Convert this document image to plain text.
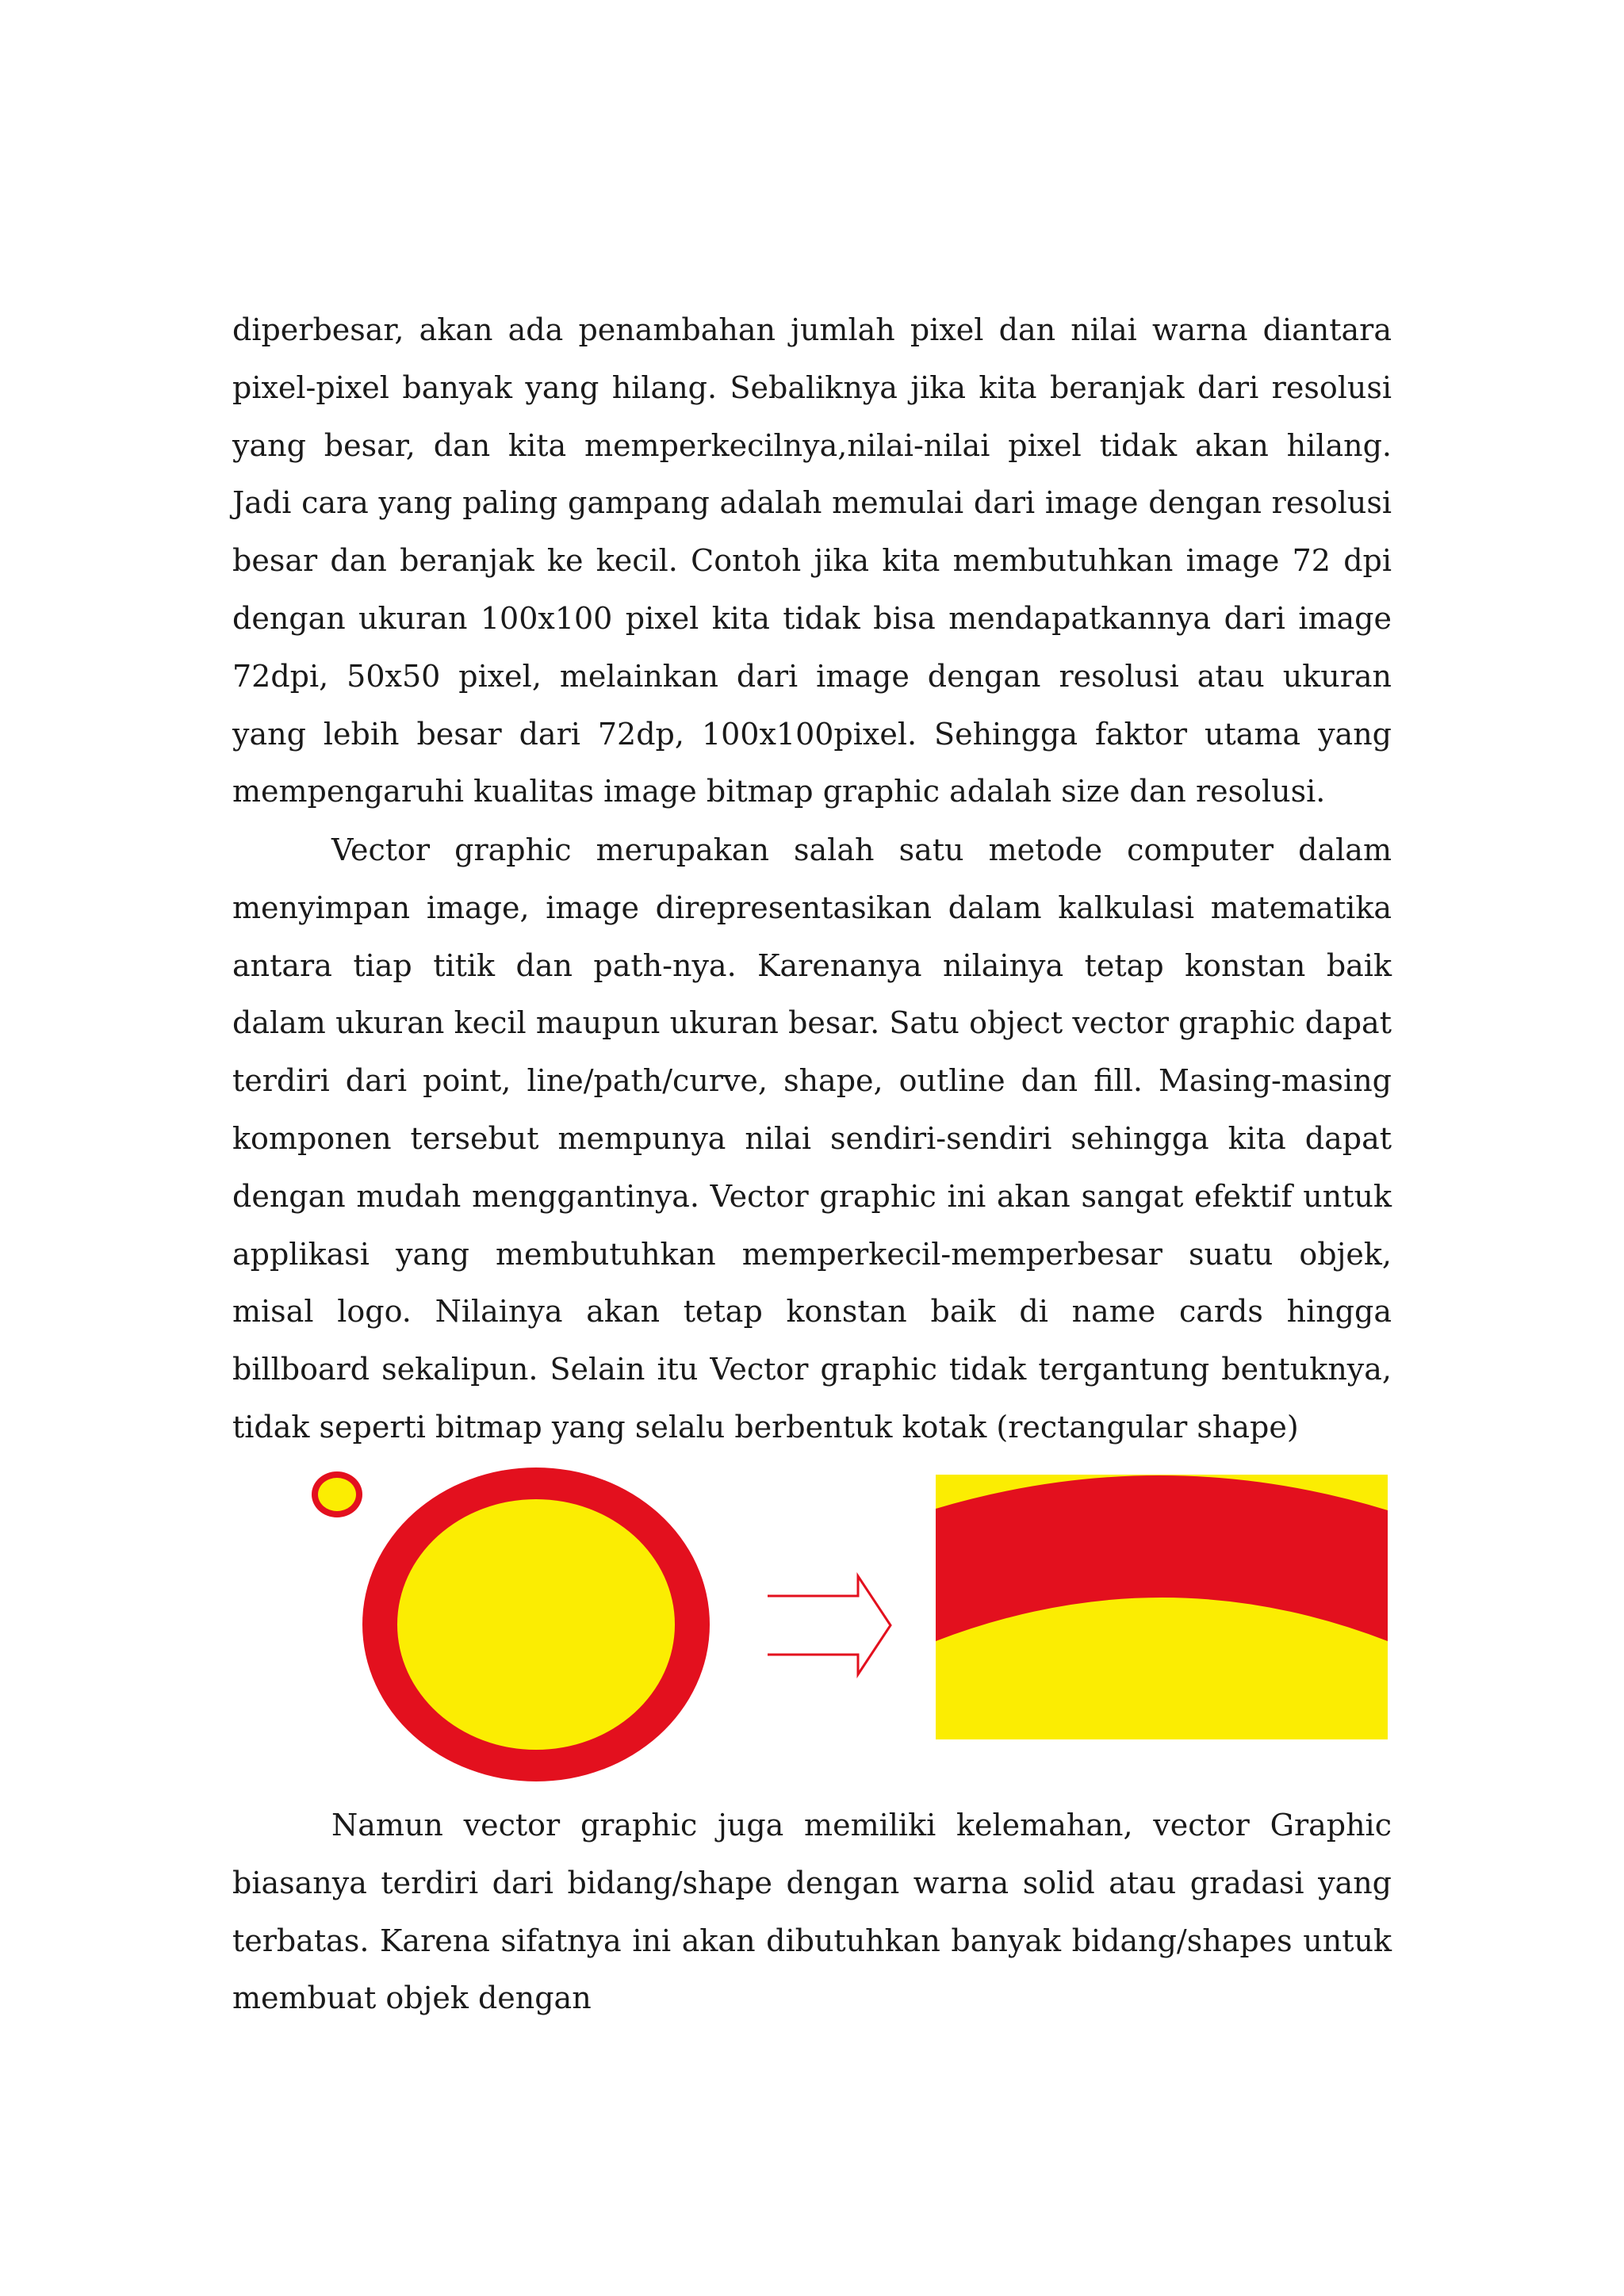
diperbesar, akan ada penambahan jumlah pixel dan nilai warna diantara pixel-pixel banyak yang hilang. Sebaliknya jika kita beranjak dari resolusi yang besar, dan kita memperkecilnya,nilai-nilai pixel tidak akan hilang. Jadi cara yang paling gampang adalah memulai dari image dengan resolusi besar dan beranjak ke kecil. Contoh jika kita membutuhkan image 72 dpi dengan ukuran 100x100 pixel kita tidak bisa mendapatkannya dari image 72dpi, 50x50 pixel, melainkan dari image dengan resolusi atau ukuran yang lebih besar dari 72dp, 100x100pixel. Sehingga faktor utama yang mempengaruhi kualitas image bitmap graphic adalah size dan resolusi.

Vector graphic merupakan salah satu metode computer dalam menyimpan image, image direpresentasikan dalam kalkulasi matematika antara tiap titik dan path-nya. Karenanya nilainya tetap konstan baik dalam ukuran kecil maupun ukuran besar. Satu object vector graphic dapat terdiri dari point, line/path/curve, shape, outline dan fill. Masing-masing komponen tersebut mempunya nilai sendiri-sendiri sehingga kita dapat dengan mudah menggantinya. Vector graphic ini akan sangat efektif untuk applikasi yang membutuhkan memperkecil-memperbesar suatu objek, misal logo. Nilainya akan tetap konstan baik di name cards hingga billboard sekalipun. Selain itu Vector graphic tidak tergantung bentuknya, tidak seperti bitmap yang selalu berbentuk kotak (rectangular shape)

Namun vector graphic juga memiliki kelemahan, vector Graphic biasanya terdiri dari bidang/shape dengan warna solid atau gradasi yang terbatas. Karena sifatnya ini akan dibutuhkan banyak bidang/shapes untuk membuat objek dengan
